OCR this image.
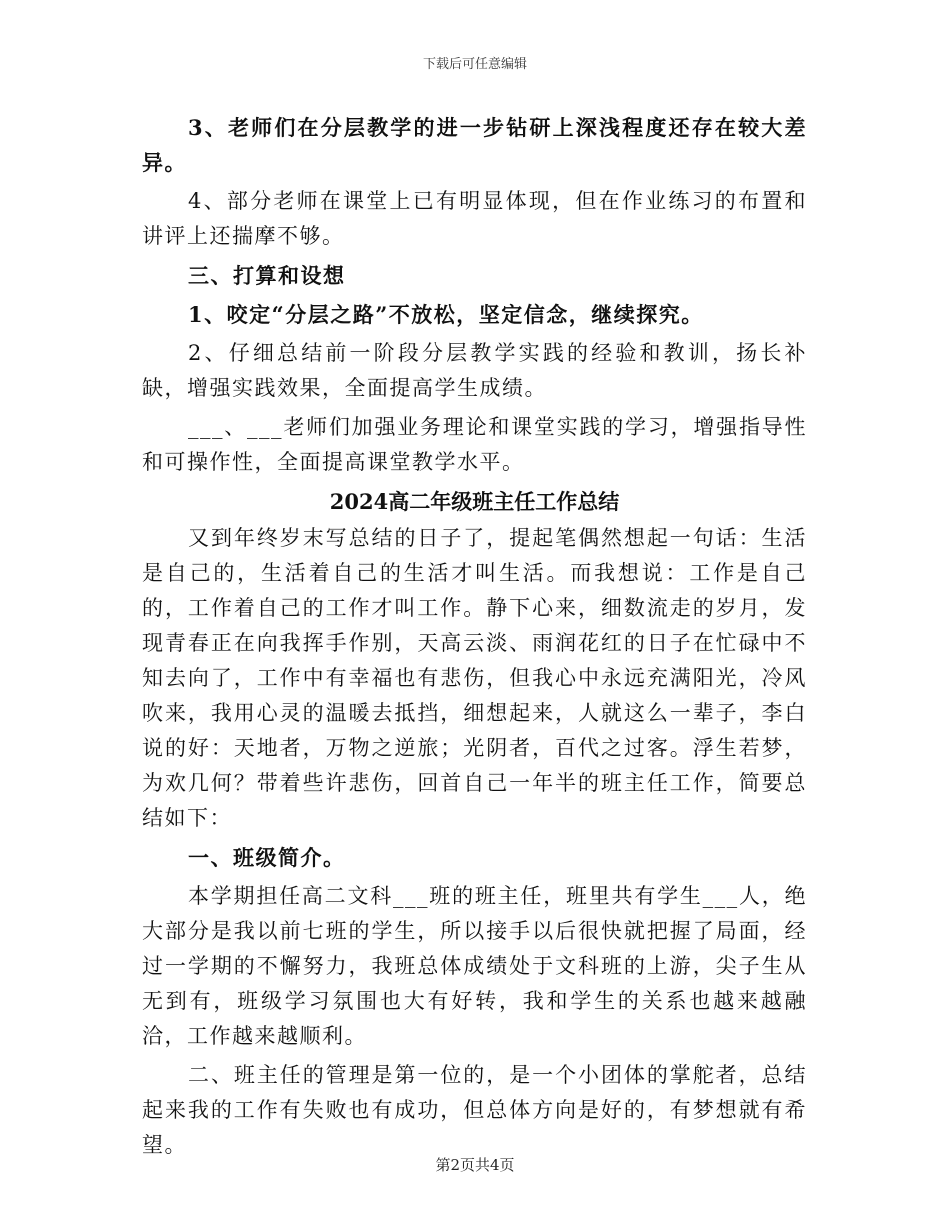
下载后可任意编辑

3、老师们在分层教学的进一步钻研上深浅程度还存在较大差异。

4、部分老师在课堂上已有明显体现，但在作业练习的布置和讲评上还揣摩不够。

三、打算和设想

1、咬定“分层之路”不放松，坚定信念，继续探究。

2、仔细总结前一阶段分层教学实践的经验和教训，扬长补缺，增强实践效果，全面提高学生成绩。

___、___老师们加强业务理论和课堂实践的学习，增强指导性和可操作性，全面提高课堂教学水平。

2024高二年级班主任工作总结

又到年终岁末写总结的日子了，提起笔偶然想起一句话：生活是自己的，生活着自己的生活才叫生活。而我想说：工作是自己的，工作着自己的工作才叫工作。静下心来，细数流走的岁月，发现青春正在向我挥手作别，天高云淡、雨润花红的日子在忙碌中不知去向了，工作中有幸福也有悲伤，但我心中永远充满阳光，冷风吹来，我用心灵的温暖去抵挡，细想起来，人就这么一辈子，李白说的好：天地者，万物之逆旅；光阴者，百代之过客。浮生若梦，为欢几何？带着些许悲伤，回首自己一年半的班主任工作，简要总结如下：

一、班级简介。

本学期担任高二文科___班的班主任，班里共有学生___人，绝大部分是我以前七班的学生，所以接手以后很快就把握了局面，经过一学期的不懈努力，我班总体成绩处于文科班的上游，尖子生从无到有，班级学习氛围也大有好转，我和学生的关系也越来越融洽，工作越来越顺利。

二、班主任的管理是第一位的，是一个小团体的掌舵者，总结起来我的工作有失败也有成功，但总体方向是好的，有梦想就有希望。

第2页共4页
